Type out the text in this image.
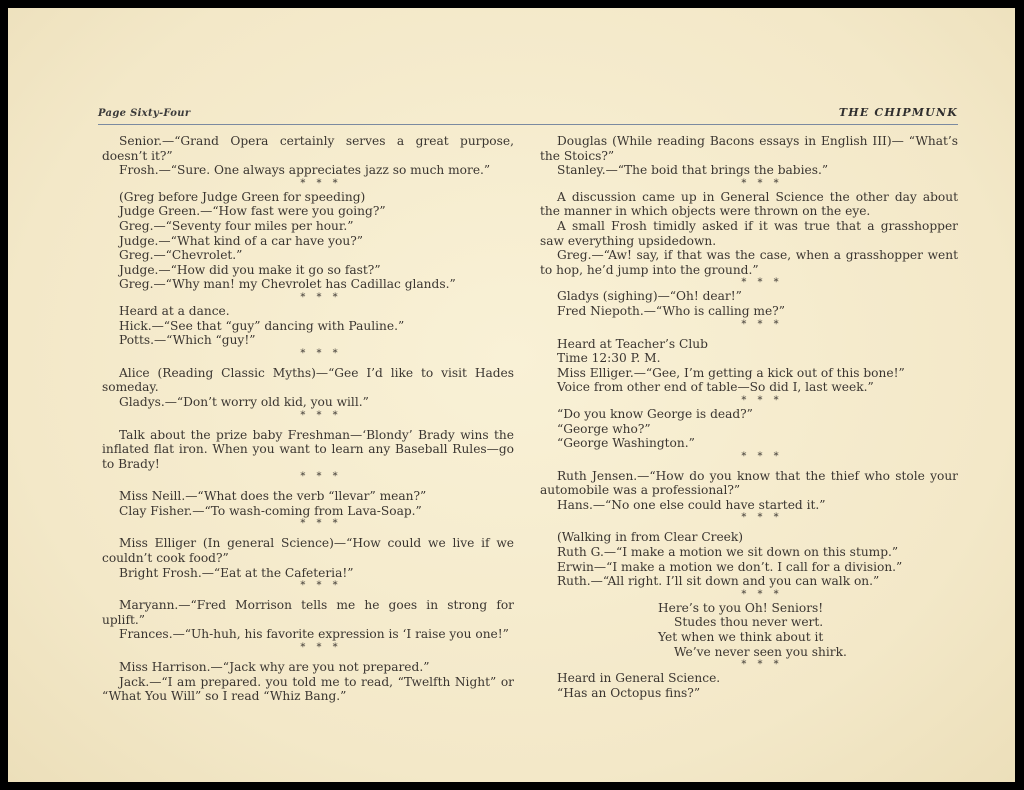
Page Sixty-Four	THE CHIPMUNK

Senior.—“Grand Opera certainly serves a great purpose, doesn’t it?”

Frosh.—“Sure. One always appreciates jazz so much more.”

* * *

(Greg before Judge Green for speeding)

Judge Green.—“How fast were you going?”

Greg.—“Seventy four miles per hour.”

Judge.—“What kind of a car have you?”

Greg.—“Chevrolet.”

Judge.—“How did you make it go so fast?”

Greg.—“Why man! my Chevrolet has Cadillac glands.”

* * *

Heard at a dance.

Hick.—“See that “guy” dancing with Pauline.”

Potts.—“Which “guy!”

* * *

Alice (Reading Classic Myths)—“Gee I’d like to visit Hades someday.

Gladys.—“Don’t worry old kid, you will.”

* * *

Talk about the prize baby Freshman—‘Blondy’ Brady wins the inflated flat iron. When you want to learn any Baseball Rules—go to Brady!

* * *

Miss Neill.—“What does the verb “llevar” mean?”

Clay Fisher.—“To wash-coming from Lava-Soap.”

* * *

Miss Elliger (In general Science)—“How could we live if we couldn’t cook food?”

Bright Frosh.—“Eat at the Cafeteria!”

* * *

Maryann.—“Fred Morrison tells me he goes in strong for uplift.”

Frances.—“Uh-huh, his favorite expression is ‘I raise you one!”

* * *

Miss Harrison.—“Jack why are you not prepared.”

Jack.—“I am prepared. you told me to read, “Twelfth Night” or “What You Will” so I read “Whiz Bang.”

Douglas (While reading Bacons essays in English III)— “What’s the Stoics?”

Stanley.—“The boid that brings the babies.”

* * *

A discussion came up in General Science the other day about the manner in which objects were thrown on the eye.

A small Frosh timidly asked if it was true that a grasshopper saw everything upsidedown.

Greg.—“Aw! say, if that was the case, when a grasshopper went to hop, he’d jump into the ground.”

* * *

Gladys (sighing)—“Oh! dear!”

Fred Niepoth.—“Who is calling me?”

* * *

Heard at Teacher’s Club

Time 12:30 P. M.

Miss Elliger.—“Gee, I’m getting a kick out of this bone!”

Voice from other end of table—So did I, last week.”

* * *

“Do you know George is dead?”

“George who?”

“George Washington.”

* * *

Ruth Jensen.—“How do you know that the thief who stole your automobile was a professional?”

Hans.—“No one else could have started it.”

* * *

(Walking in from Clear Creek)

Ruth G.—“I make a motion we sit down on this stump.”

Erwin—“I make a motion we don’t. I call for a division.”

Ruth.—“All right. I’ll sit down and you can walk on.”

* * *

Here’s to you Oh! Seniors!

Studes thou never wert.

Yet when we think about it

We’ve never seen you shirk.

* * *

Heard in General Science.

“Has an Octopus fins?”
